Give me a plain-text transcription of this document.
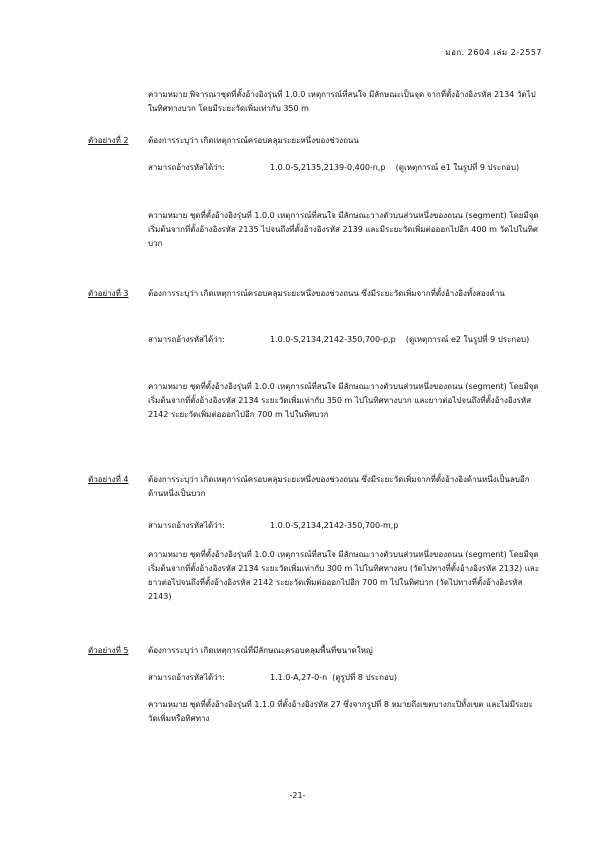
มอก. 2604 เล่ม 2-2557
ความหมาย พิจารณาชุดที่ตั้งอ้างอิงรุ่นที่ 1.0.0 เหตุการณ์ที่สนใจ มีลักษณะเป็นจุด จากที่ตั้งอ้างอิงรหัส 2134 วัดไปในทิศทางบวก โดยมีระยะวัดเพิ่มเท่ากับ 350 m
ตัวอย่างที่ 2 ต้องการระบุว่า เกิดเหตุการณ์ครอบคลุมระยะหนึ่งของช่วงถนน
สามารถอ้างรหัสได้ว่า:	1.0.0-S,2135,2139-0,400-n,p (ดูเหตุการณ์ e1 ในรูปที่ 9 ประกอบ)
ความหมาย ชุดที่ตั้งอ้างอิงรุ่นที่ 1.0.0 เหตุการณ์ที่สนใจ มีลักษณะวางตัวบนส่วนหนึ่งของถนน (segment) โดยมีจุดเริ่มต้นจากที่ตั้งอ้างอิงรหัส 2135 ไปจนถึงที่ตั้งอ้างอิงรหัส 2139 และมีระยะวัดเพิ่มต่อออกไปอีก 400 m วัดไปในทิศบวก
ตัวอย่างที่ 3 ต้องการระบุว่า เกิดเหตุการณ์ครอบคลุมระยะหนึ่งของช่วงถนน ซึ่งมีระยะวัดเพิ่มจากที่ตั้งอ้างอิงทั้งสองด้าน
สามารถอ้างรหัสได้ว่า:	1.0.0-S,2134,2142-350,700-p,p (ดูเหตุการณ์ e2 ในรูปที่ 9 ประกอบ)
ความหมาย ชุดที่ตั้งอ้างอิงรุ่นที่ 1.0.0 เหตุการณ์ที่สนใจ มีลักษณะวางตัวบนส่วนหนึ่งของถนน (segment) โดยมีจุดเริ่มต้นจากที่ตั้งอ้างอิงรหัส 2134 ระยะวัดเพิ่มเท่ากับ 350 m ไปในทิศทางบวก และยาวต่อไปจนถึงที่ตั้งอ้างอิงรหัส 2142 ระยะวัดเพิ่มต่อออกไปอีก 700 m ไปในทิศบวก
ตัวอย่างที่ 4 ต้องการระบุว่า เกิดเหตุการณ์ครอบคลุมระยะหนึ่งของช่วงถนน ซึ่งมีระยะวัดเพิ่มจากที่ตั้งอ้างอิงด้านหนึ่งเป็นลบอีกด้านหนึ่งเป็นบวก
สามารถอ้างรหัสได้ว่า:	1.0.0-S,2134,2142-350,700-m,p
ความหมาย ชุดที่ตั้งอ้างอิงรุ่นที่ 1.0.0 เหตุการณ์ที่สนใจ มีลักษณะวางตัวบนส่วนหนึ่งของถนน (segment) โดยมีจุดเริ่มต้นจากที่ตั้งอ้างอิงรหัส 2134 ระยะวัดเพิ่มเท่ากับ 300 m ไปในทิศทางลบ (วัดไปทางที่ตั้งอ้างอิงรหัส 2132) และยาวต่อไปจนถึงที่ตั้งอ้างอิงรหัส 2142 ระยะวัดเพิ่มต่อออกไปอีก 700 m ไปในทิศบวก (วัดไปทางที่ตั้งอ้างอิงรหัส 2143)
ตัวอย่างที่ 5 ต้องการระบุว่า เกิดเหตุการณ์ที่มีลักษณะครอบคลุมพื้นที่ขนาดใหญ่
สามารถอ้างรหัสได้ว่า:	1.1.0-A,27-0-n (ดูรูปที่ 8 ประกอบ)
ความหมาย ชุดที่ตั้งอ้างอิงรุ่นที่ 1.1.0 ที่ตั้งอ้างอิงรหัส 27 ซึ่งจากรูปที่ 8 หมายถึงเขตบางกะปิทั้งเขต และไม่มีระยะวัดเพิ่มหรือทิศทาง
-21-
